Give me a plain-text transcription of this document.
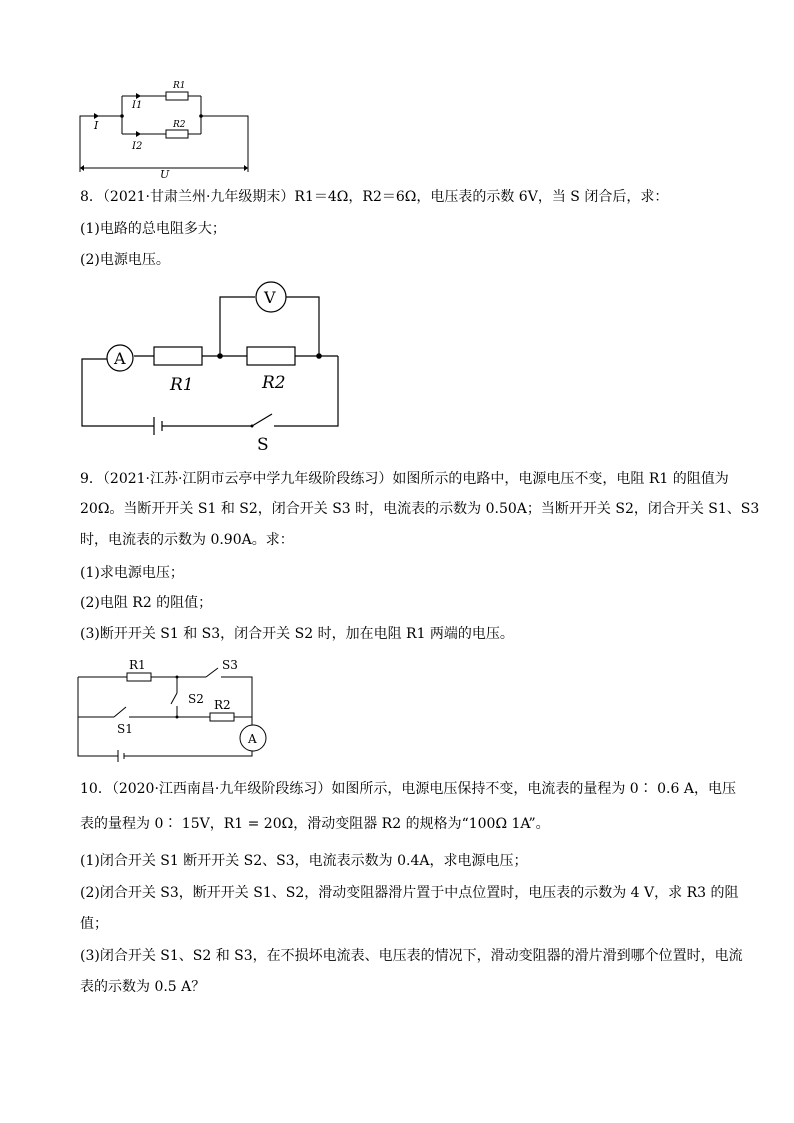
R1
R2
I
I1
I2
U
8．（2021·甘肃兰州·九年级期末）R1＝4Ω，R2＝6Ω，电压表的示数 6V，当 S 闭合后，求：
(1)电路的总电阻多大；
(2)电源电压。
A
V
R1	R2
S
9．（2021·江苏·江阴市云亭中学九年级阶段练习）如图所示的电路中，电源电压不变，电阻 R1 的阻值为
20Ω。当断开开关 S1 和 S2，闭合开关 S3 时，电流表的示数为 0.50A；当断开开关 S2，闭合开关 S1、S3
时，电流表的示数为 0.90A。求：
(1)求电源电压；
(2)电阻 R2 的阻值；
(3)断开开关 S1 和 S3，闭合开关 S2 时，加在电阻 R1 两端的电压。
A
R1	S3
S2 R2
S1
10．（2020·江西南昌·九年级阶段练习）如图所示，电源电压保持不变，电流表的量程为 0∶ 0.6 A，电压
表的量程为 0∶ 15V，R1 = 20Ω，滑动变阻器 R2 的规格为“100Ω 1A”。
(1)闭合开关 S1 断开开关 S2、S3，电流表示数为 0.4A，求电源电压；
(2)闭合开关 S3，断开开关 S1、S2，滑动变阻器滑片置于中点位置时，电压表的示数为 4 V，求 R3 的阻
值；
(3)闭合开关 S1、S2 和 S3，在不损坏电流表、电压表的情况下，滑动变阻器的滑片滑到哪个位置时，电流
表的示数为 0.5 A？
